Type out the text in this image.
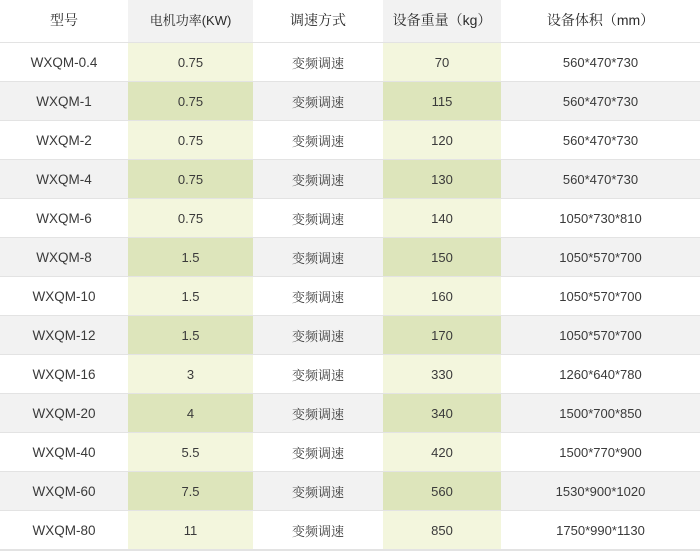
型号	电机功率(KW)	调速方式	设备重量（kg）	设备体积（mm）
WXQM-0.4	0.75	变频调速	70	560*470*730
WXQM-1	0.75	变频调速	115	560*470*730
WXQM-2	0.75	变频调速	120	560*470*730
WXQM-4	0.75	变频调速	130	560*470*730
WXQM-6	0.75	变频调速	140	1050*730*810
WXQM-8	1.5	变频调速	150	1050*570*700
WXQM-10	1.5	变频调速	160	1050*570*700
WXQM-12	1.5	变频调速	170	1050*570*700
WXQM-16	3	变频调速	330	1260*640*780
WXQM-20	4	变频调速	340	1500*700*850
WXQM-40	5.5	变频调速	420	1500*770*900
WXQM-60	7.5	变频调速	560	1530*900*1020
WXQM-80	11	变频调速	850	1750*990*1130
